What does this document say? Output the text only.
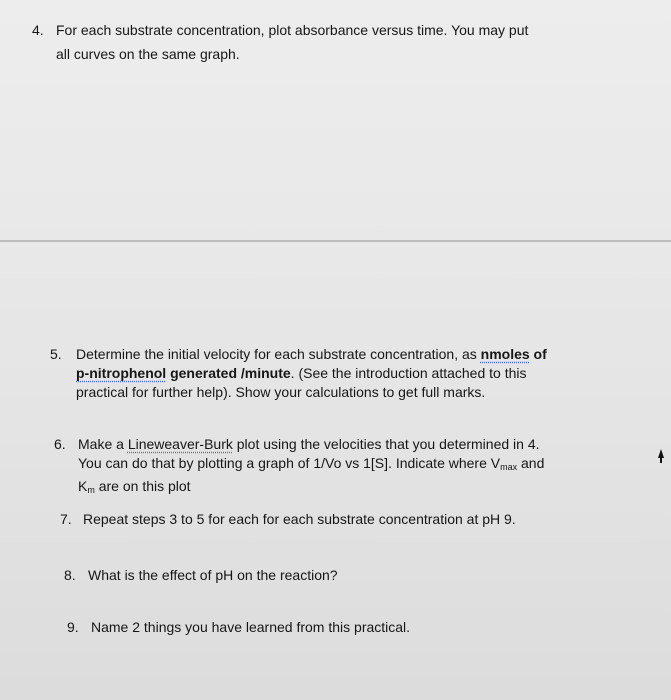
4. For each substrate concentration, plot absorbance versus time. You may put
all curves on the same graph.
5. Determine the initial velocity for each substrate concentration, as nmoles of
p-nitrophenol generated /minute. (See the introduction attached to this
practical for further help). Show your calculations to get full marks.
6. Make a Lineweaver-Burk plot using the velocities that you determined in 4.
You can do that by plotting a graph of 1/Vo vs 1[S]. Indicate where $V_{max}$ and
$K_m$ are on this plot
7. Repeat steps 3 to 5 for each for each substrate concentration at pH 9.
8. What is the effect of pH on the reaction?
9. Name 2 things you have learned from this practical.
